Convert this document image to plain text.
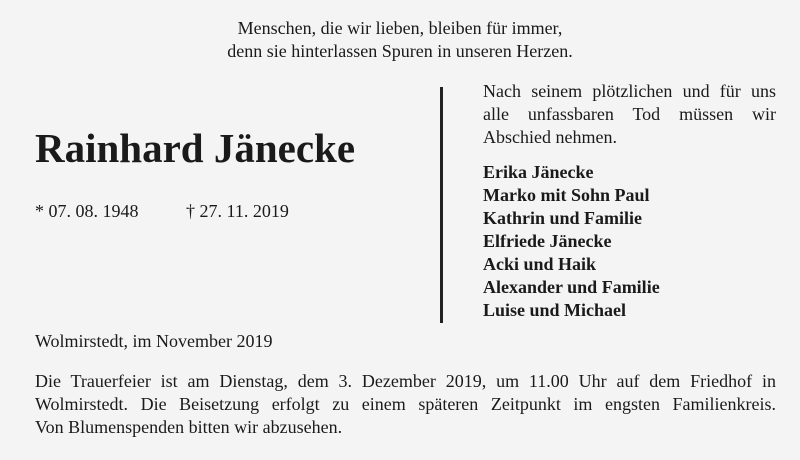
Menschen, die wir lieben, bleiben für immer,
denn sie hinterlassen Spuren in unseren Herzen.
Rainhard Jänecke
* 07. 08. 1948	† 27. 11. 2019
Nach seinem plötzlichen und für uns
alle unfassbaren Tod müssen wir
Abschied nehmen.
Erika Jänecke
Marko mit Sohn Paul
Kathrin und Familie
Elfriede Jänecke
Acki und Haik
Alexander und Familie
Luise und Michael
Wolmirstedt, im November 2019
Die Trauerfeier ist am Dienstag, dem 3. Dezember 2019, um 11.00 Uhr auf dem Friedhof in
Wolmirstedt. Die Beisetzung erfolgt zu einem späteren Zeitpunkt im engsten Familienkreis.
Von Blumenspenden bitten wir abzusehen.
